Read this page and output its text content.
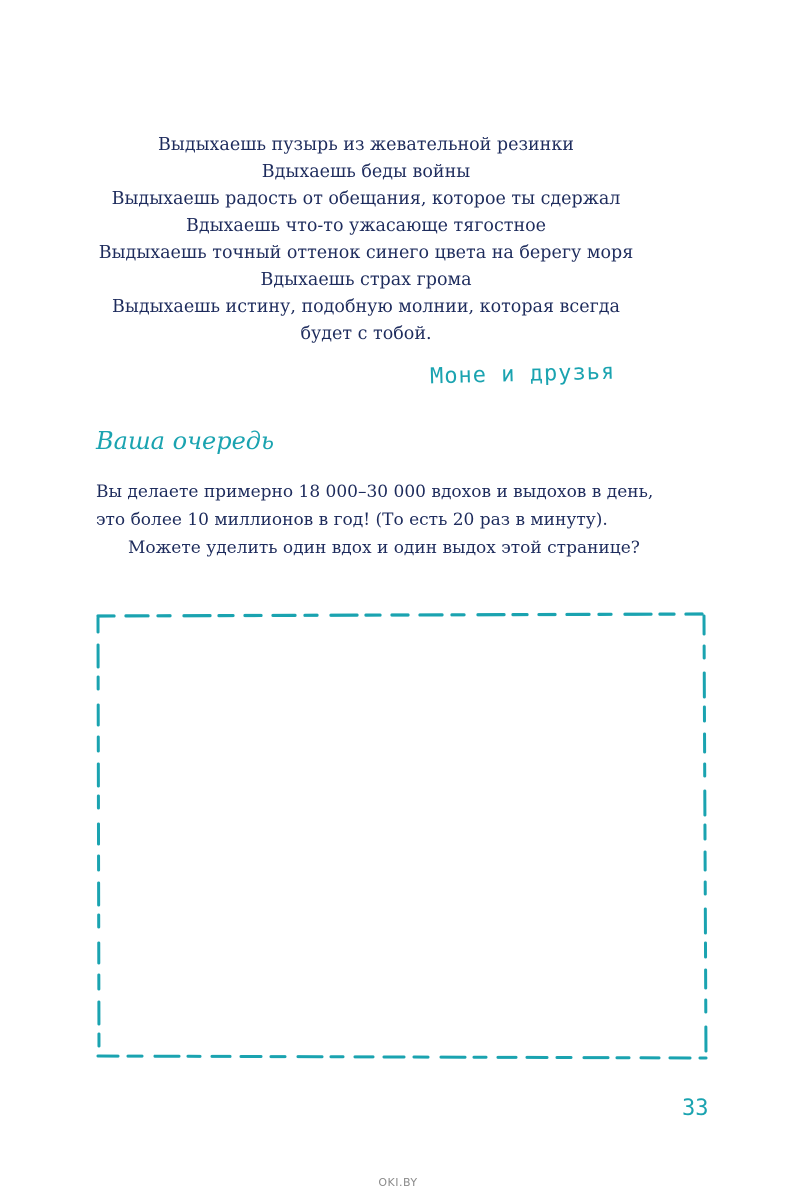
Выдыхаешь пузырь из жевательной резинки
Вдыхаешь беды войны
Выдыхаешь радость от обещания, которое ты сдержал
Вдыхаешь что-то ужасающе тягостное
Выдыхаешь точный оттенок синего цвета на берегу моря
Вдыхаешь страх грома
Выдыхаешь истину, подобную молнии, которая всегда
будет с тобой.
Моне и друзья
Ваша очередь
Вы делаете примерно 18 000–30 000 вдохов и выдохов в день,
это более 10 миллионов в год! (То есть 20 раз в минуту).
Можете уделить один вдох и один выдох этой странице?
33
OKI.BY
